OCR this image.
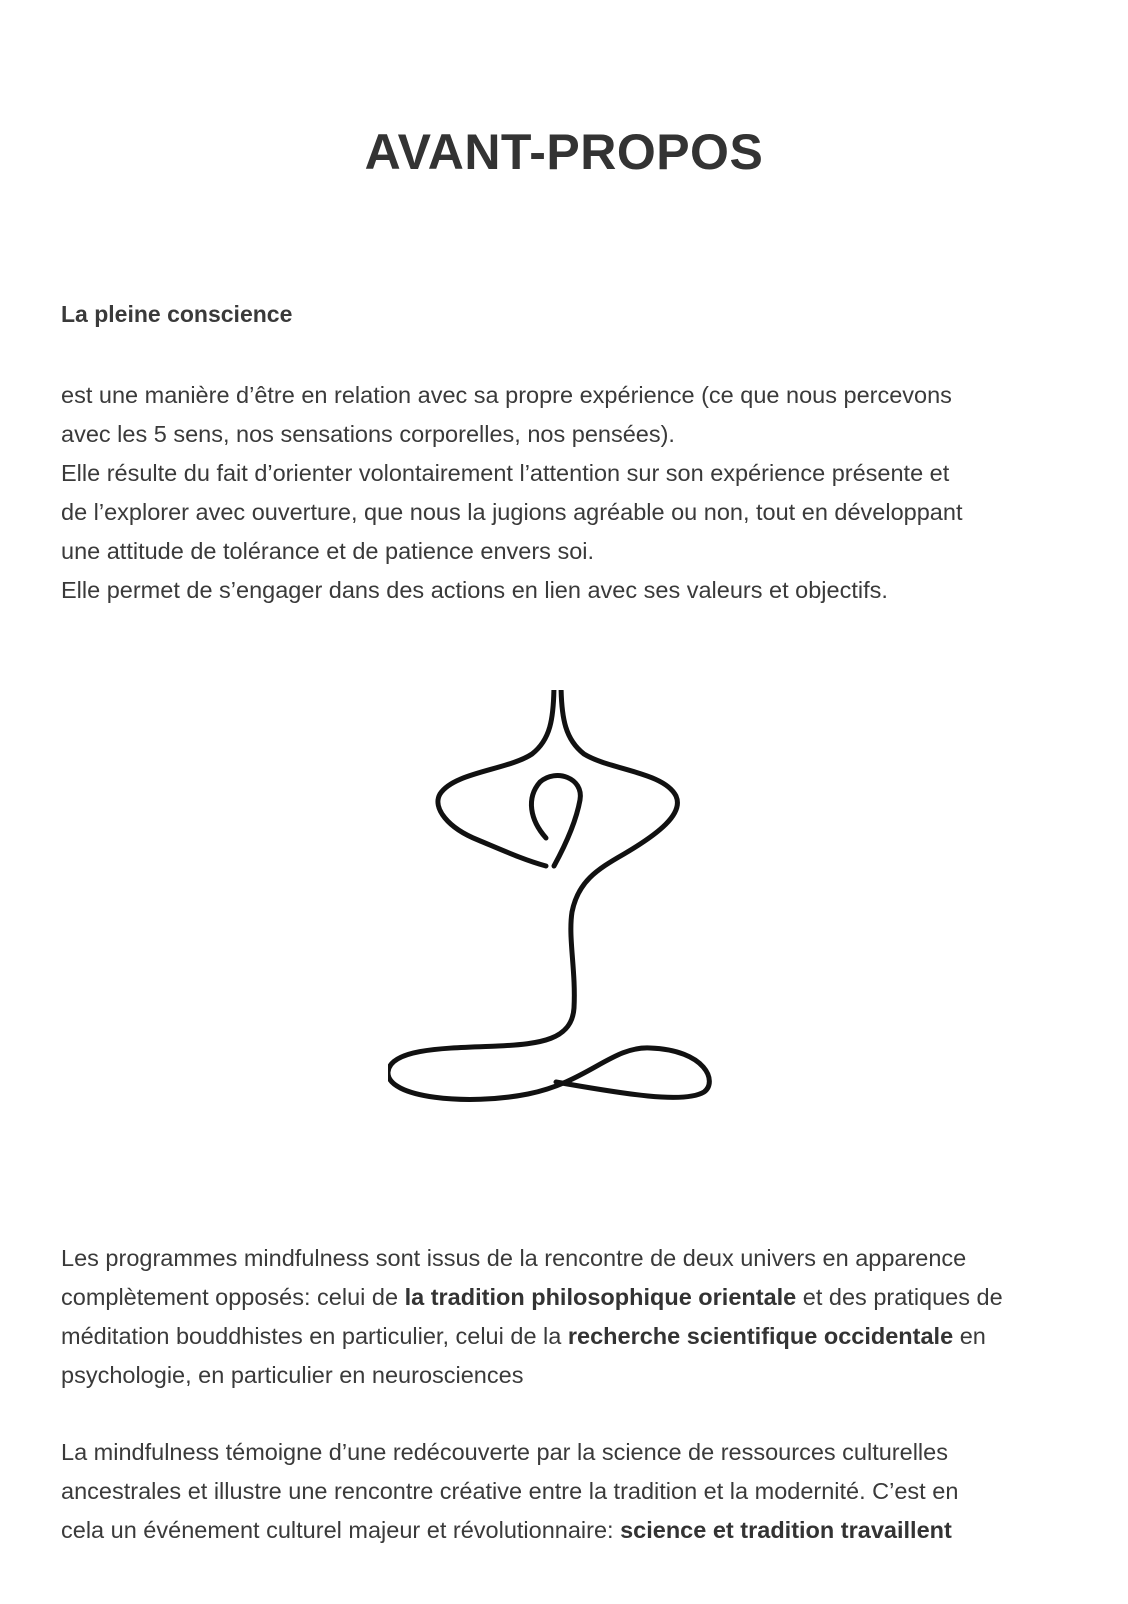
AVANT-PROPOS
La pleine conscience

est une manière d’être en relation avec sa propre expérience (ce que nous percevons
avec les 5 sens, nos sensations corporelles, nos pensées).
Elle résulte du fait d’orienter volontairement l’attention sur son expérience présente et
de l’explorer avec ouverture, que nous la jugions agréable ou non, tout en développant
une attitude de tolérance et de patience envers soi.
Elle permet de s’engager dans des actions en lien avec ses valeurs et objectifs.

Les programmes mindfulness sont issus de la rencontre de deux univers en apparence
complètement opposés: celui de la tradition philosophique orientale et des pratiques de
méditation bouddhistes en particulier, celui de la recherche scientifique occidentale en
psychologie, en particulier en neurosciences

La mindfulness témoigne d’une redécouverte par la science de ressources culturelles
ancestrales et illustre une rencontre créative entre la tradition et la modernité. C’est en
cela un événement culturel majeur et révolutionnaire: science et tradition travaillent
